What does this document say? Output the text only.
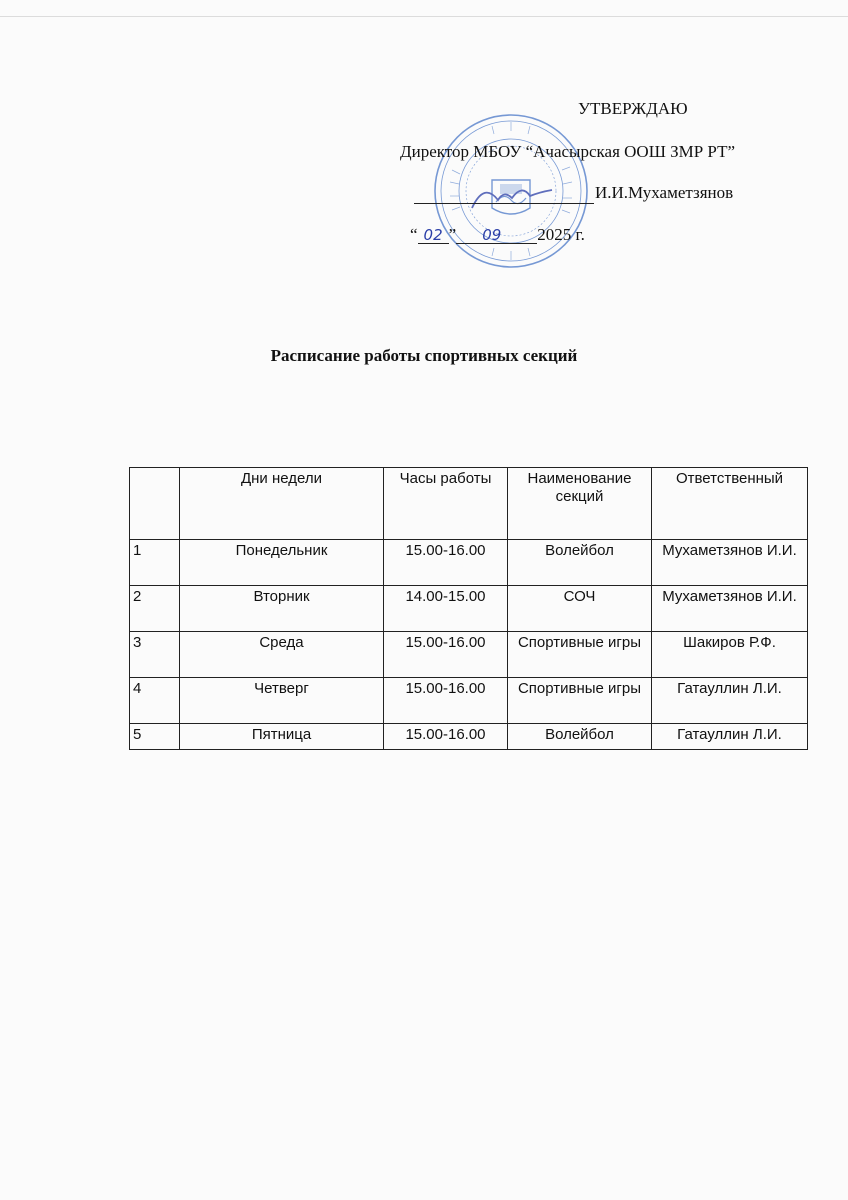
УТВЕРЖДАЮ
Директор МБОУ “Ачасырская ООШ ЗМР РТ”
И.И.Мухаметзянов
“ 02 ” 09 2025 г.
Расписание работы спортивных секций
	Дни недели	Часы работы	Наименование секций	Ответственный
1	Понедельник	15.00-16.00	Волейбол	Мухаметзянов И.И.
2	Вторник	14.00-15.00	СОЧ	Мухаметзянов И.И.
3	Среда	15.00-16.00	Спортивные игры	Шакиров Р.Ф.
4	Четверг	15.00-16.00	Спортивные игры	Гатауллин Л.И.
5	Пятница	15.00-16.00	Волейбол	Гатауллин Л.И.
